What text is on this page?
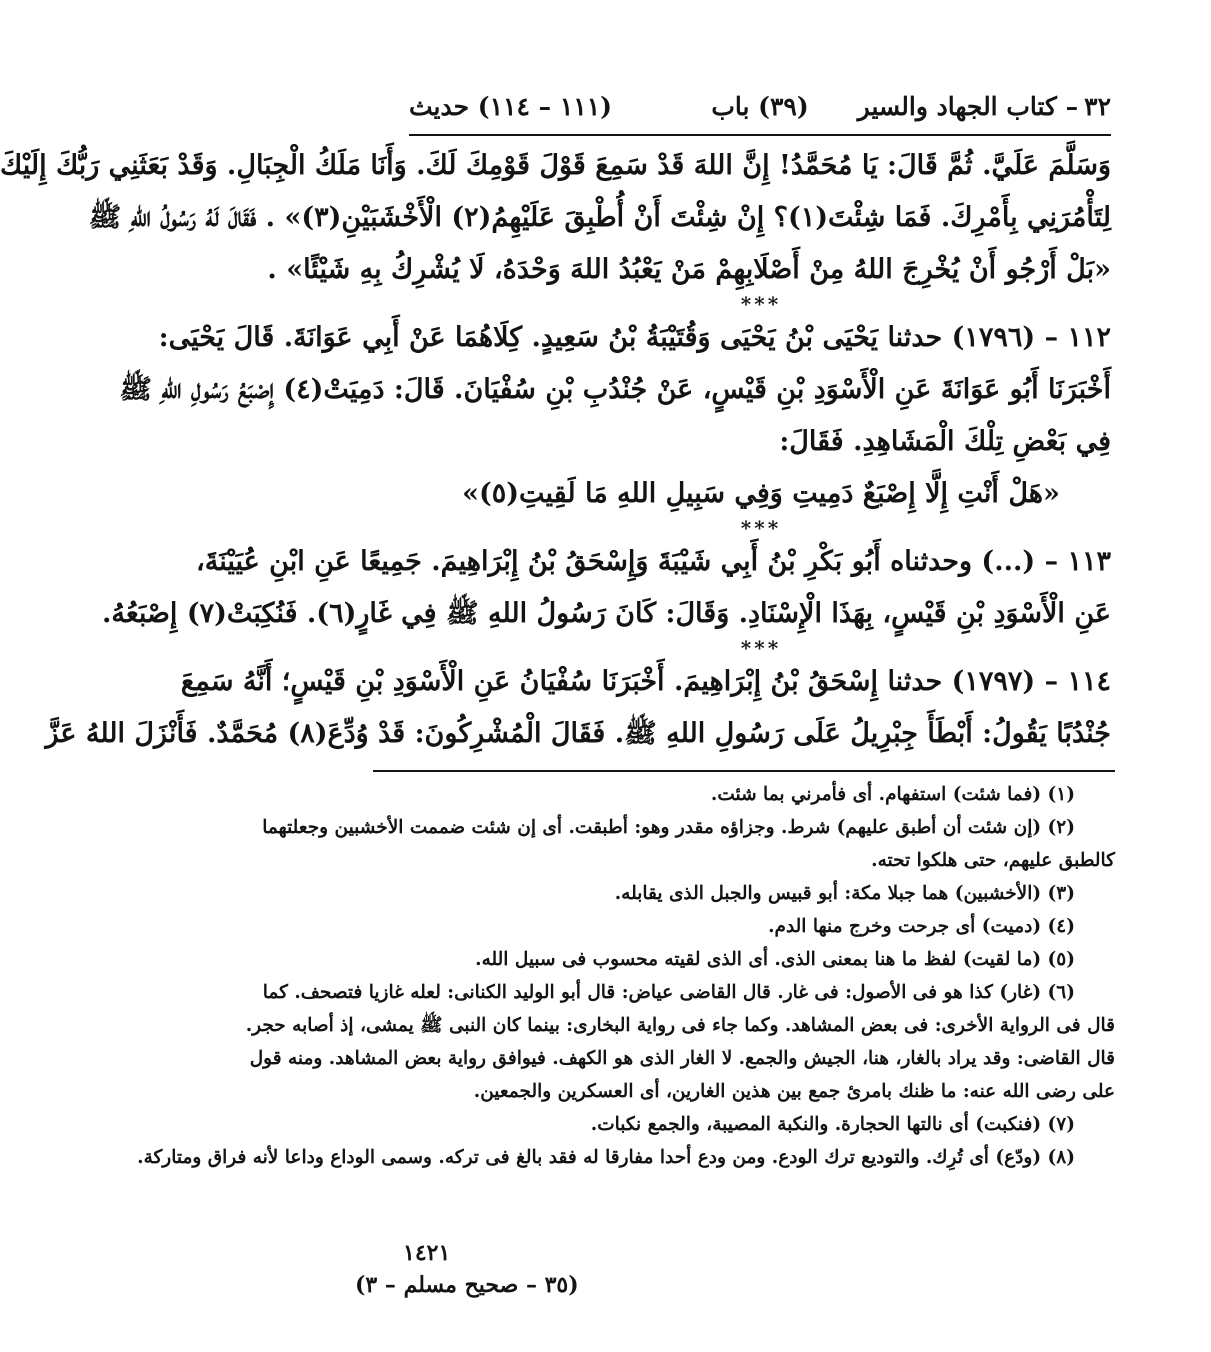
٣٢
– كتاب الجهاد والسير
(٣٩) باب
(١١١ – ١١٤) حديث
وَسَلَّمَ عَلَيَّ. ثُمَّ قَالَ: يَا مُحَمَّدُ! إِنَّ اللهَ قَدْ سَمِعَ قَوْلَ قَوْمِكَ لَكَ. وَأَنَا مَلَكُ الْجِبَالِ. وَقَدْ بَعَثَنِي رَبُّكَ إِلَيْكَ
لِتَأْمُرَنِي بِأَمْرِكَ. فَمَا شِئْتَ(١)؟ إِنْ شِئْتَ أَنْ أُطْبِقَ عَلَيْهِمُ(٢) الْأَخْشَبَيْنِ(٣)» . فَقَالَ لَهُ رَسُولُ اللهِ ﷺ
«بَلْ أَرْجُو أَنْ يُخْرِجَ اللهُ مِنْ أَصْلَابِهِمْ مَنْ يَعْبُدُ اللهَ وَحْدَهُ، لَا يُشْرِكُ بِهِ شَيْئًا» .
***
١١٢ – (١٧٩٦) حدثنا يَحْيَى بْنُ يَحْيَى وَقُتَيْبَةُ بْنُ سَعِيدٍ. كِلَاهُمَا عَنْ أَبِي عَوَانَةَ. قَالَ يَحْيَى:
أَخْبَرَنَا أَبُو عَوَانَةَ عَنِ الْأَسْوَدِ بْنِ قَيْسٍ، عَنْ جُنْدُبِ بْنِ سُفْيَانَ. قَالَ: دَمِيَتْ(٤) إِصْبَعُ رَسُولِ اللهِ ﷺ
فِي بَعْضِ تِلْكَ الْمَشَاهِدِ. فَقَالَ:
«هَلْ أَنْتِ إِلَّا إِصْبَعٌ دَمِيتِ وَفِي سَبِيلِ اللهِ مَا لَقِيتِ(٥)»
***
١١٣ – (...) وحدثناه أَبُو بَكْرِ بْنُ أَبِي شَيْبَةَ وَإِسْحَقُ بْنُ إِبْرَاهِيمَ. جَمِيعًا عَنِ ابْنِ عُيَيْنَةَ،
عَنِ الْأَسْوَدِ بْنِ قَيْسٍ، بِهَذَا الْإِسْنَادِ. وَقَالَ: كَانَ رَسُولُ اللهِ ﷺ فِي غَارٍ(٦). فَنُكِبَتْ(٧) إِصْبَعُهُ.
***
١١٤ – (١٧٩٧) حدثنا إِسْحَقُ بْنُ إِبْرَاهِيمَ. أَخْبَرَنَا سُفْيَانُ عَنِ الْأَسْوَدِ بْنِ قَيْسٍ؛ أَنَّهُ سَمِعَ
جُنْدُبًا يَقُولُ: أَبْطَأَ جِبْرِيلُ عَلَى رَسُولِ اللهِ ﷺ. فَقَالَ الْمُشْرِكُونَ: قَدْ وُدِّعَ(٨) مُحَمَّدٌ. فَأَنْزَلَ اللهُ عَزَّ
(١) (فما شئت) استفهام. أى فأمرني بما شئت.
(٢) (إن شئت أن أطبق عليهم) شرط. وجزاؤه مقدر وهو: أطبقت. أى إن شئت ضممت الأخشبين وجعلتهما
كالطبق عليهم، حتى هلكوا تحته.
(٣) (الأخشبين) هما جبلا مكة: أبو قبيس والجبل الذى يقابله.
(٤) (دميت) أى جرحت وخرج منها الدم.
(٥) (ما لقيت) لفظ ما هنا بمعنى الذى. أى الذى لقيته محسوب فى سبيل الله.
(٦) (غار) كذا هو فى الأصول: فى غار. قال القاضى عياض: قال أبو الوليد الكنانى: لعله غازيا فتصحف. كما
قال فى الرواية الأخرى: فى بعض المشاهد. وكما جاء فى رواية البخارى: بينما كان النبى ﷺ يمشى، إذ أصابه حجر.
قال القاضى: وقد يراد بالغار، هنا، الجيش والجمع. لا الغار الذى هو الكهف. فيوافق رواية بعض المشاهد. ومنه قول
على رضى الله عنه: ما ظنك بامرئ جمع بين هذين الغارين، أى العسكرين والجمعين.
(٧) (فنكبت) أى نالتها الحجارة. والنكبة المصيبة، والجمع نكبات.
(٨) (ودّع) أى تُرِك. والتوديع ترك الودع. ومن ودع أحدا مفارقا له فقد بالغ فى تركه. وسمى الوداع وداعا لأنه فراق ومتاركة.
١٤٢١
(٣٥ – صحيح مسلم – ٣)
